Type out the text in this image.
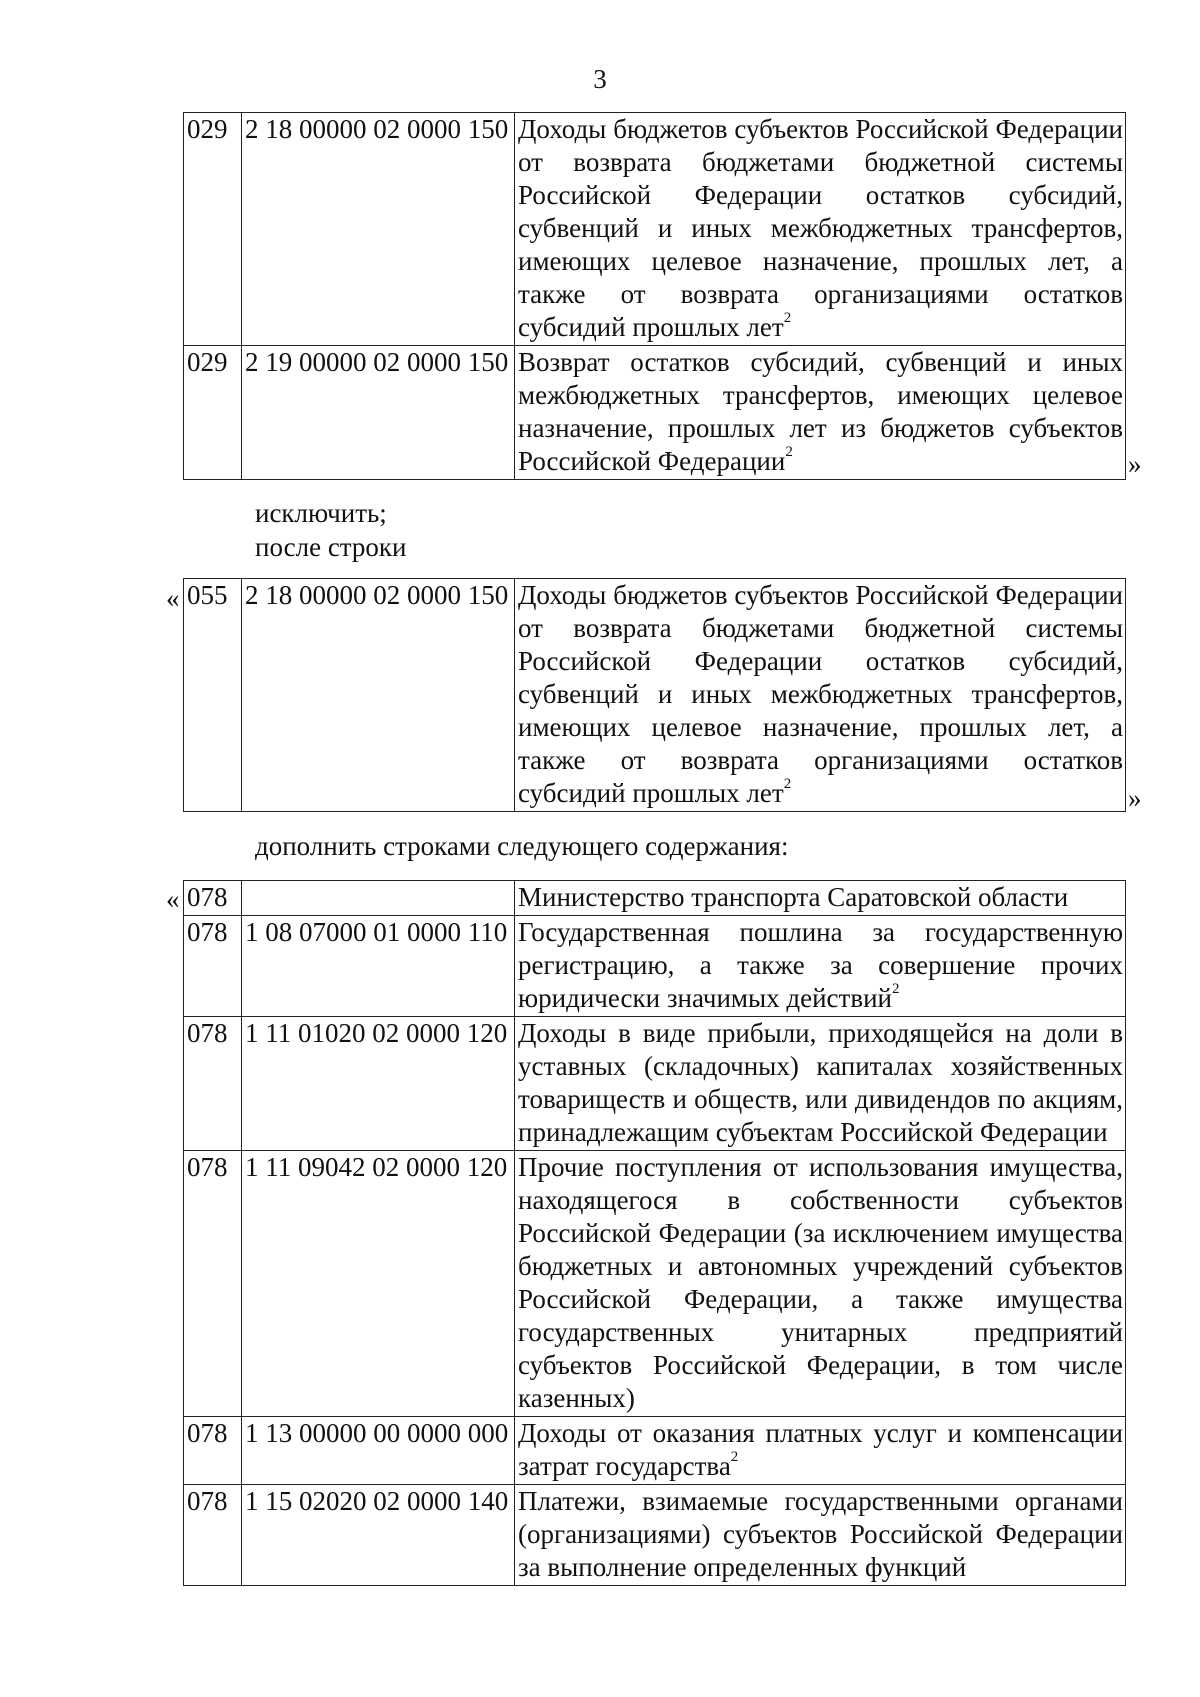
3
029	2 18 00000 02 0000 150	Доходы бюджетов субъектов Российской Федерации от возврата бюджетами бюджетной системы Российской Федерации остатков субсидий, субвенций и иных межбюджетных трансфертов, имеющих целевое назначение, прошлых лет, а также от возврата организациями остатков субсидий прошлых лет$^2$
029	2 19 00000 02 0000 150	Возврат остатков субсидий, субвенций и иных межбюджетных трансфертов, имеющих целевое назначение, прошлых лет из бюджетов субъектов Российской Федерации$^2$	»
исключить;
после строки
« 055	2 18 00000 02 0000 150	Доходы бюджетов субъектов Российской Федерации от возврата бюджетами бюджетной системы Российской Федерации остатков субсидий, субвенций и иных межбюджетных трансфертов, имеющих целевое назначение, прошлых лет, а также от возврата организациями остатков субсидий прошлых лет$^2$	»
дополнить строками следующего содержания:
« 078		Министерство транспорта Саратовской области
078	1 08 07000 01 0000 110	Государственная пошлина за государственную регистрацию, а также за совершение прочих юридически значимых действий$^2$
078	1 11 01020 02 0000 120	Доходы в виде прибыли, приходящейся на доли в уставных (складочных) капиталах хозяйственных товариществ и обществ, или дивидендов по акциям, принадлежащим субъектам Российской Федерации
078	1 11 09042 02 0000 120	Прочие поступления от использования имущества, находящегося в собственности субъектов Российской Федерации (за исключением имущества бюджетных и автономных учреждений субъектов Российской Федерации, а также имущества государственных унитарных предприятий субъектов Российской Федерации, в том числе казенных)
078	1 13 00000 00 0000 000	Доходы от оказания платных услуг и компенсации затрат государства$^2$
078	1 15 02020 02 0000 140	Платежи, взимаемые государственными органами (организациями) субъектов Российской Федерации за выполнение определенных функций
